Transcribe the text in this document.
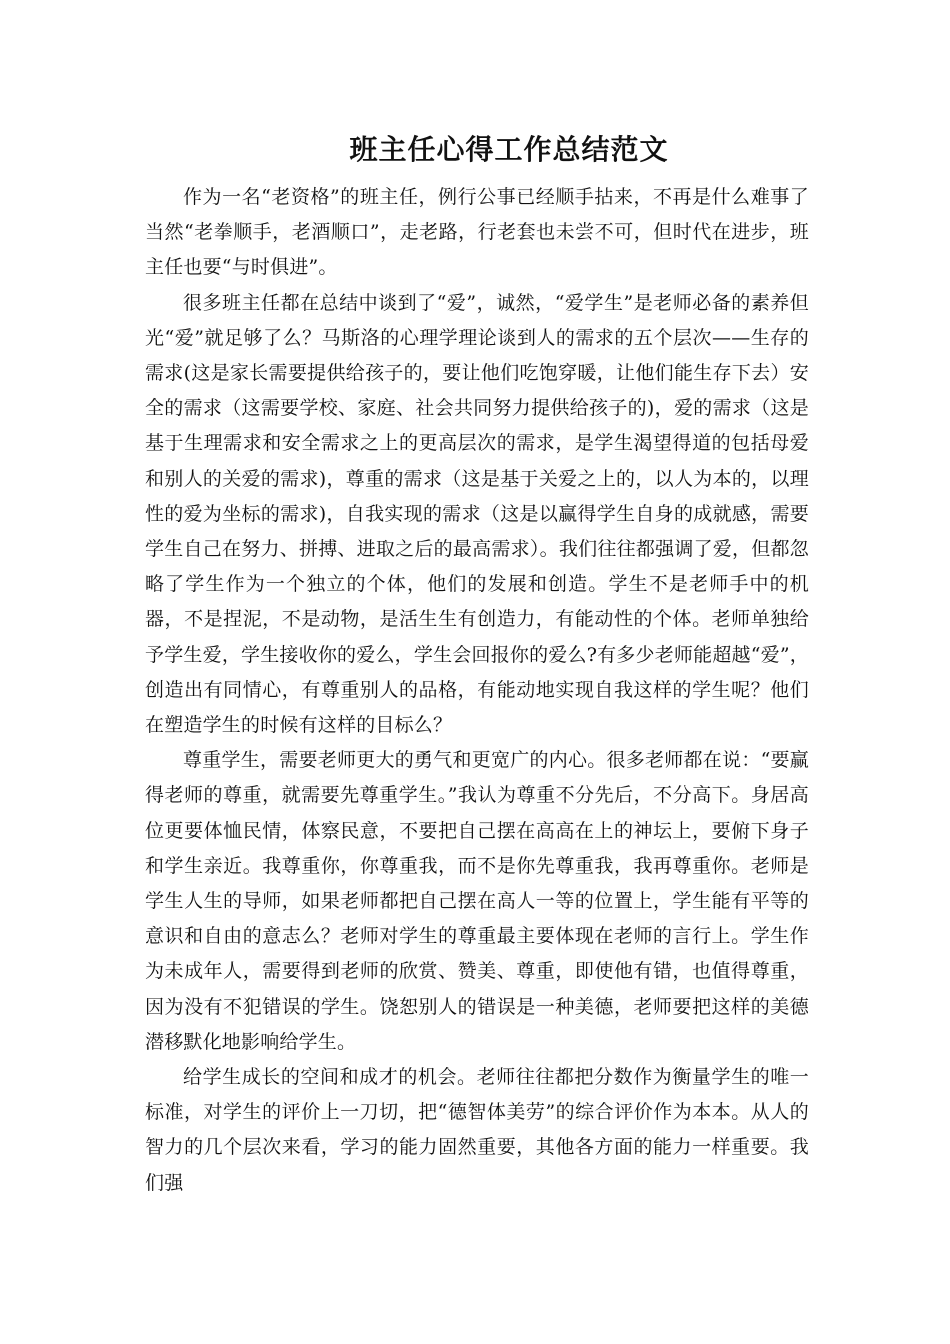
班主任心得工作总结范文

作为一名“老资格”的班主任，例行公事已经顺手拈来，不再是什么难事了当然“老拳顺手，老酒顺口”，走老路，行老套也未尝不可，但时代在进步，班主任也要“与时俱进”。

很多班主任都在总结中谈到了“爱”，诚然，“爱学生”是老师必备的素养但光“爱”就足够了么？马斯洛的心理学理论谈到人的需求的五个层次——生存的需求(这是家长需要提供给孩子的，要让他们吃饱穿暖，让他们能生存下去）安全的需求（这需要学校、家庭、社会共同努力提供给孩子的)，爱的需求（这是基于生理需求和安全需求之上的更高层次的需求，是学生渴望得道的包括母爱和别人的关爱的需求)，尊重的需求（这是基于关爱之上的，以人为本的，以理性的爱为坐标的需求)，自我实现的需求（这是以赢得学生自身的成就感，需要学生自己在努力、拼搏、进取之后的最高需求）。我们往往都强调了爱，但都忽略了学生作为一个独立的个体，他们的发展和创造。学生不是老师手中的机器，不是捏泥，不是动物，是活生生有创造力，有能动性的个体。老师单独给予学生爱，学生接收你的爱么，学生会回报你的爱么?有多少老师能超越“爱”，创造出有同情心，有尊重别人的品格，有能动地实现自我这样的学生呢？他们在塑造学生的时候有这样的目标么？

尊重学生，需要老师更大的勇气和更宽广的内心。很多老师都在说：“要赢得老师的尊重，就需要先尊重学生。”我认为尊重不分先后，不分高下。身居高位更要体恤民情，体察民意，不要把自己摆在高高在上的神坛上，要俯下身子和学生亲近。我尊重你，你尊重我，而不是你先尊重我，我再尊重你。老师是学生人生的导师，如果老师都把自己摆在高人一等的位置上，学生能有平等的意识和自由的意志么？老师对学生的尊重最主要体现在老师的言行上。学生作为未成年人，需要得到老师的欣赏、赞美、尊重，即使他有错，也值得尊重，因为没有不犯错误的学生。饶恕别人的错误是一种美德，老师要把这样的美德潜移默化地影响给学生。

给学生成长的空间和成才的机会。老师往往都把分数作为衡量学生的唯一标准，对学生的评价上一刀切，把“德智体美劳”的综合评价作为本本。从人的智力的几个层次来看，学习的能力固然重要，其他各方面的能力一样重要。我们强
